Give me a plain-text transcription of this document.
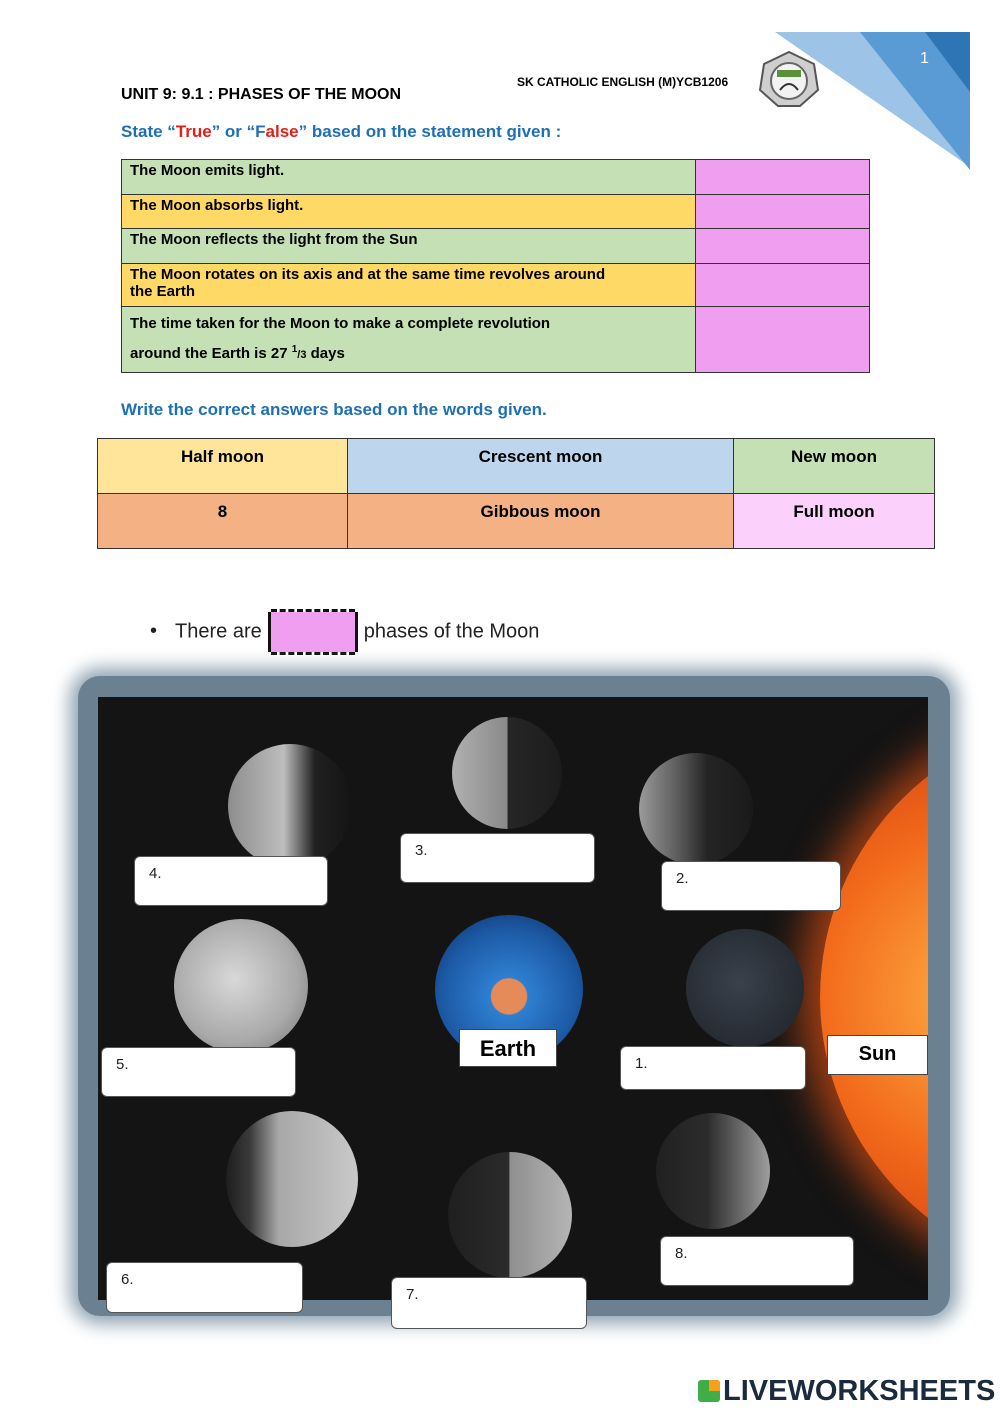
1
SK CATHOLIC ENGLISH (M)YCB1206
UNIT 9: 9.1 : PHASES OF THE MOON
State “True” or “False” based on the statement given :
The Moon emits light.	
The Moon absorbs light.	
The Moon reflects the light from the Sun	
The Moon rotates on its axis and at the same time revolves around
the Earth	
The time taken for the Moon to make a complete revolution
around the Earth is 27 $^1$/3 days	
Write the correct answers based on the words given.
Half moon	Crescent moon	New moon
8	Gibbous moon	Full moon
• There are	phases of the Moon
4.
3.
2.
5.	1.
8.
Earth	Sun
6.
7.
LIVEWORKSHEETS
